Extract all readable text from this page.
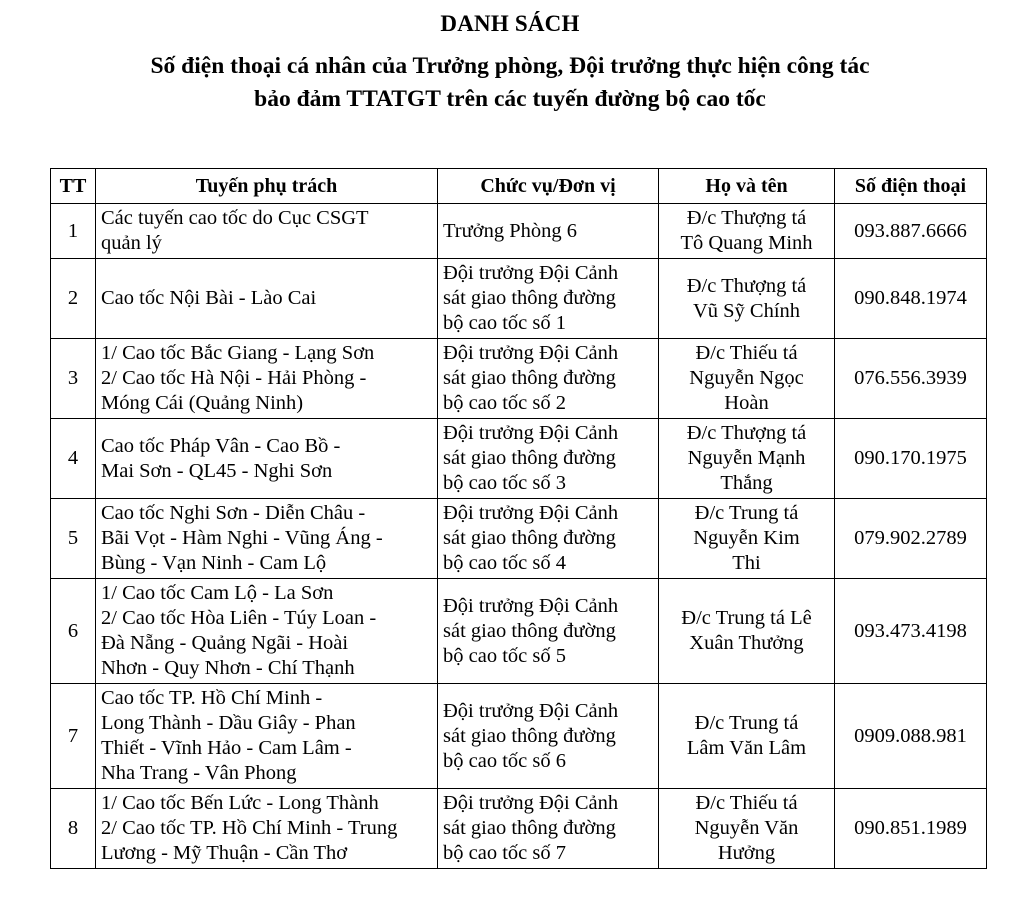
DANH SÁCH
Số điện thoại cá nhân của Trưởng phòng, Đội trưởng thực hiện công tác
bảo đảm TTATGT trên các tuyến đường bộ cao tốc
TT	Tuyến phụ trách	Chức vụ/Đơn vị	Họ và tên	Số điện thoại
1	Các tuyến cao tốc do Cục CSGT
quản lý	Trưởng Phòng 6	Đ/c Thượng tá
Tô Quang Minh	093.887.6666
2	Cao tốc Nội Bài - Lào Cai	Đội trưởng Đội Cảnh
sát giao thông đường
bộ cao tốc số 1	Đ/c Thượng tá
Vũ Sỹ Chính	090.848.1974
3	1/ Cao tốc Bắc Giang - Lạng Sơn
2/ Cao tốc Hà Nội - Hải Phòng -
Móng Cái (Quảng Ninh)	Đội trưởng Đội Cảnh
sát giao thông đường
bộ cao tốc số 2	Đ/c Thiếu tá
Nguyễn Ngọc
Hoàn	076.556.3939
4	Cao tốc Pháp Vân - Cao Bồ -
Mai Sơn - QL45 - Nghi Sơn	Đội trưởng Đội Cảnh
sát giao thông đường
bộ cao tốc số 3	Đ/c Thượng tá
Nguyễn Mạnh
Thắng	090.170.1975
5	Cao tốc Nghi Sơn - Diễn Châu -
Bãi Vọt - Hàm Nghi - Vũng Áng -
Bùng - Vạn Ninh - Cam Lộ	Đội trưởng Đội Cảnh
sát giao thông đường
bộ cao tốc số 4	Đ/c Trung tá
Nguyễn Kim
Thi	079.902.2789
6	1/ Cao tốc Cam Lộ - La Sơn
2/ Cao tốc Hòa Liên - Túy Loan -
Đà Nẵng - Quảng Ngãi - Hoài
Nhơn - Quy Nhơn - Chí Thạnh	Đội trưởng Đội Cảnh
sát giao thông đường
bộ cao tốc số 5	Đ/c Trung tá Lê
Xuân Thưởng	093.473.4198
7	Cao tốc TP. Hồ Chí Minh -
Long Thành - Dầu Giây - Phan
Thiết - Vĩnh Hảo - Cam Lâm -
Nha Trang - Vân Phong	Đội trưởng Đội Cảnh
sát giao thông đường
bộ cao tốc số 6	Đ/c Trung tá
Lâm Văn Lâm	0909.088.981
8	1/ Cao tốc Bến Lức - Long Thành
2/ Cao tốc TP. Hồ Chí Minh - Trung
Lương - Mỹ Thuận - Cần Thơ	Đội trưởng Đội Cảnh
sát giao thông đường
bộ cao tốc số 7	Đ/c Thiếu tá
Nguyễn Văn
Hưởng	090.851.1989
